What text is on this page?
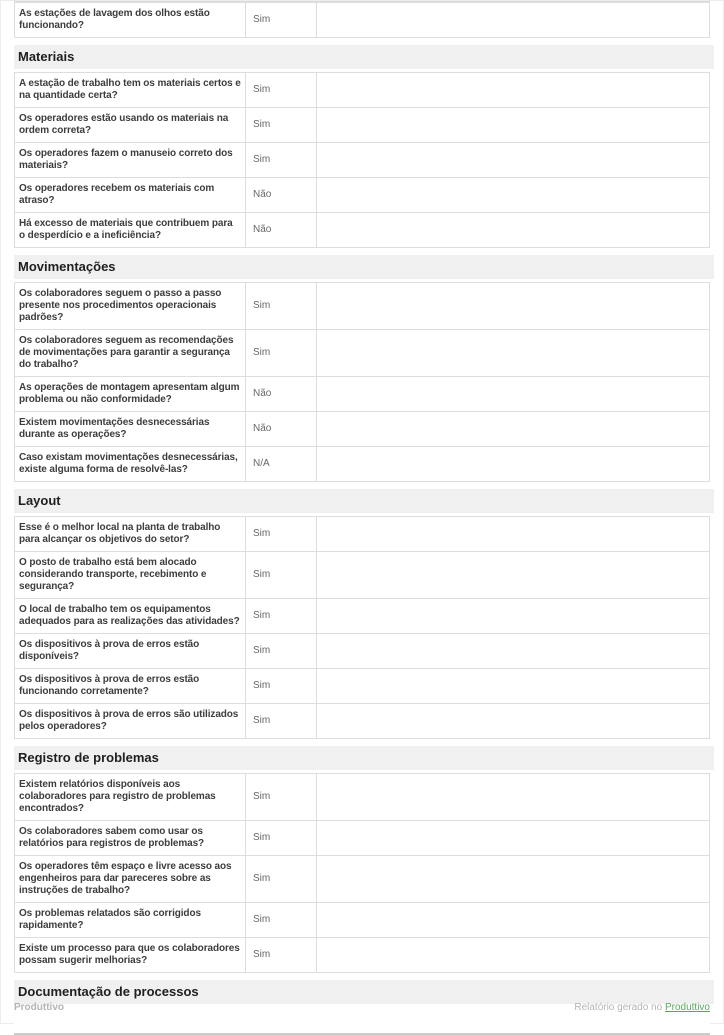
As estações de lavagem dos olhos estão funcionando?	Sim	
Materiais
A estação de trabalho tem os materiais certos e na quantidade certa?	Sim	
Os operadores estão usando os materiais na ordem correta?	Sim	
Os operadores fazem o manuseio correto dos materiais?	Sim	
Os operadores recebem os materiais com atraso?	Não	
Há excesso de materiais que contribuem para o desperdício e a ineficiência?	Não	
Movimentações
Os colaboradores seguem o passo a passo presente nos procedimentos operacionais padrões?	Sim	
Os colaboradores seguem as recomendações de movimentações para garantir a segurança do trabalho?	Sim	
As operações de montagem apresentam algum problema ou não conformidade?	Não	
Existem movimentações desnecessárias durante as operações?	Não	
Caso existam movimentações desnecessárias, existe alguma forma de resolvê-las?	N/A	
Layout
Esse é o melhor local na planta de trabalho para alcançar os objetivos do setor?	Sim	
O posto de trabalho está bem alocado considerando transporte, recebimento e segurança?	Sim	
O local de trabalho tem os equipamentos adequados para as realizações das atividades?	Sim	
Os dispositivos à prova de erros estão disponíveis?	Sim	
Os dispositivos à prova de erros estão funcionando corretamente?	Sim	
Os dispositivos à prova de erros são utilizados pelos operadores?	Sim	
Registro de problemas
Existem relatórios disponíveis aos colaboradores para registro de problemas encontrados?	Sim	
Os colaboradores sabem como usar os relatórios para registros de problemas?	Sim	
Os operadores têm espaço e livre acesso aos engenheiros para dar pareceres sobre as instruções de trabalho?	Sim	
Os problemas relatados são corrigidos rapidamente?	Sim	
Existe um processo para que os colaboradores possam sugerir melhorias?	Sim	
Documentação de processos
Produttivo	Relatório gerado no Produttivo
